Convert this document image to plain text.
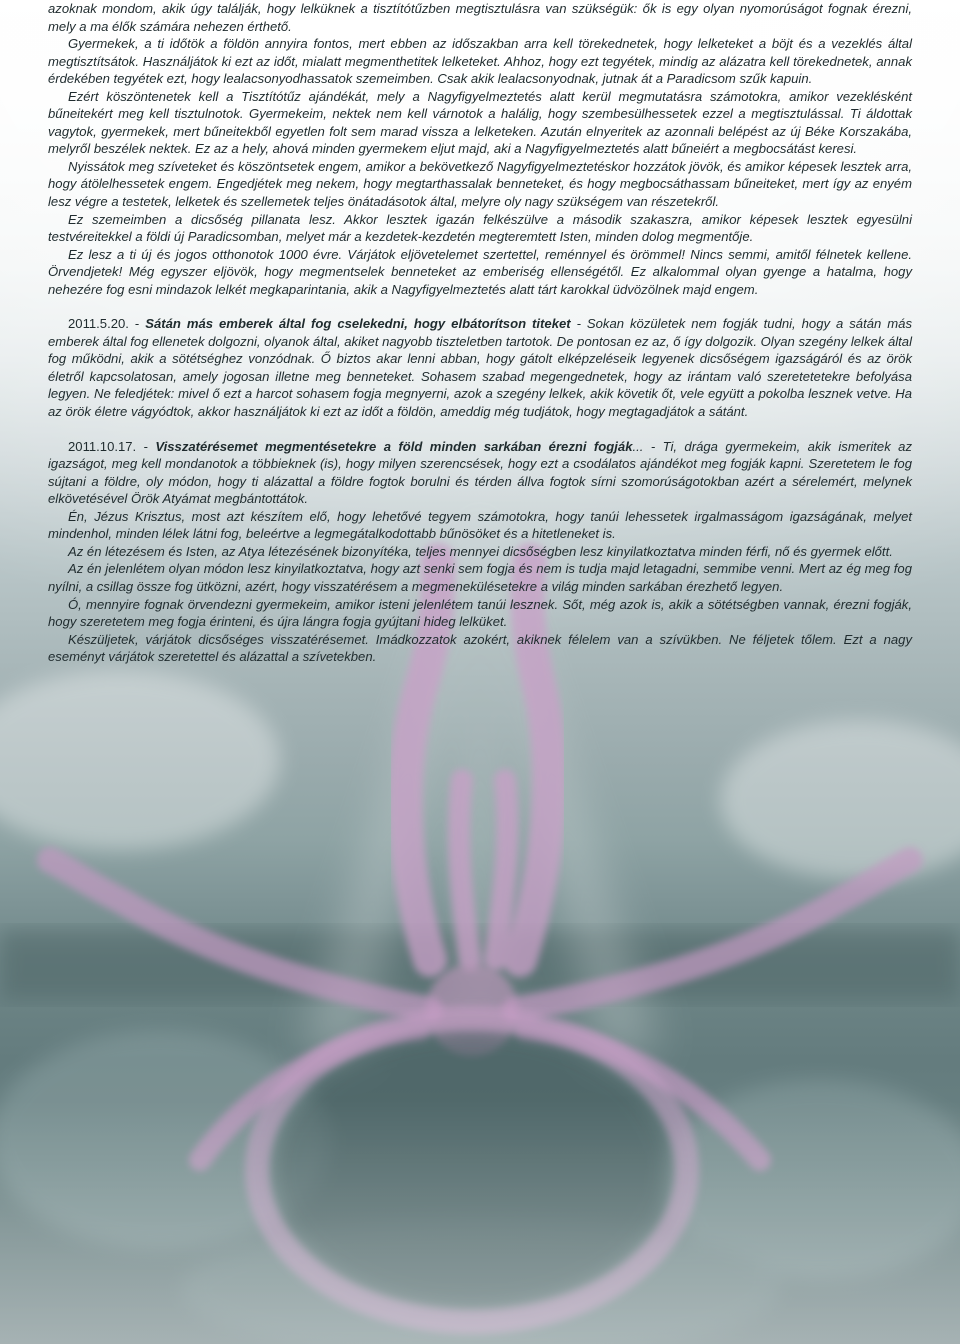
azoknak mondom, akik úgy találják, hogy lelküknek a tisztítótűzben megtisztulásra van szükségük: ők is egy olyan nyomorúságot fognak érezni, mely a ma élők számára nehezen érthető.

Gyermekek, a ti időtök a földön annyira fontos, mert ebben az időszakban arra kell törekednetek, hogy lelketeket a böjt és a vezeklés által megtisztítsátok. Használjátok ki ezt az időt, mialatt megmenthetitek lelketeket. Ahhoz, hogy ezt tegyétek, mindig az alázatra kell törekednetek, annak érdekében tegyétek ezt, hogy lealacsonyodhassatok szemeimben. Csak akik lealacsonyodnak, jutnak át a Paradicsom szűk kapuin.

Ezért köszöntenetek kell a Tisztítótűz ajándékát, mely a Nagyfigyelmeztetés alatt kerül megmutatásra számotokra, amikor vezeklésként bűneitekért meg kell tisztulnotok. Gyermekeim, nektek nem kell várnotok a halálig, hogy szembesülhessetek ezzel a megtisztulással. Ti áldottak vagytok, gyermekek, mert bűneitekből egyetlen folt sem marad vissza a lelketeken. Azután elnyeritek az azonnali belépést az új Béke Korszakába, melyről beszélek nektek. Ez az a hely, ahová minden gyermekem eljut majd, aki a Nagyfigyelmeztetés alatt bűneiért a megbocsátást keresi.

Nyissátok meg szíveteket és köszöntsetek engem, amikor a bekövetkező Nagyfigyelmeztetéskor hozzátok jövök, és amikor képesek lesztek arra, hogy átölelhessetek engem. Engedjétek meg nekem, hogy megtarthassalak benneteket, és hogy megbocsáthassam bűneiteket, mert így az enyém lesz végre a testetek, lelketek és szellemetek teljes önátadásotok által, melyre oly nagy szükségem van részetekről.

Ez szemeimben a dicsőség pillanata lesz. Akkor lesztek igazán felkészülve a második szakaszra, amikor képesek lesztek egyesülni testvéreitekkel a földi új Paradicsomban, melyet már a kezdetek-kezdetén megteremtett Isten, minden dolog megmentője.

Ez lesz a ti új és jogos otthonotok 1000 évre. Várjátok eljövetelemet szertettel, reménnyel és örömmel! Nincs semmi, amitől félnetek kellene. Örvendjetek! Még egyszer eljövök, hogy megmentselek benneteket az emberiség ellenségétől. Ez alkalommal olyan gyenge a hatalma, hogy nehezére fog esni mindazok lelkét megkaparintania, akik a Nagyfigyelmeztetés alatt tárt karokkal üdvözölnek majd engem.

2011.5.20. - Sátán más emberek által fog cselekedni, hogy elbátorítson titeket - Sokan közületek nem fogják tudni, hogy a sátán más emberek által fog ellenetek dolgozni, olyanok által, akiket nagyobb tiszteletben tartotok. De pontosan ez az, ő így dolgozik. Olyan szegény lelkek által fog működni, akik a sötétséghez vonzódnak. Ő biztos akar lenni abban, hogy gátolt elképzeléseik legyenek dicsőségem igazságáról és az örök életről kapcsolatosan, amely jogosan illetne meg benneteket. Sohasem szabad megengednetek, hogy az irántam való szeretetetekre befolyása legyen. Ne feledjétek: mivel ő ezt a harcot sohasem fogja megnyerni, azok a szegény lelkek, akik követik őt, vele együtt a pokolba lesznek vetve. Ha az örök életre vágyódtok, akkor használjátok ki ezt az időt a földön, ameddig még tudjátok, hogy megtagadjátok a sátánt.

2011.10.17. - Visszatérésemet megmentésetekre a föld minden sarkában érezni fogják... - Ti, drága gyermekeim, akik ismeritek az igazságot, meg kell mondanotok a többieknek (is), hogy milyen szerencsések, hogy ezt a csodálatos ajándékot meg fogják kapni. Szeretetem le fog sújtani a földre, oly módon, hogy ti alázattal a földre fogtok borulni és térden állva fogtok sírni szomorúságotokban azért a sérelemért, melynek elkövetésével Örök Atyámat megbántottátok.

Én, Jézus Krisztus, most azt készítem elő, hogy lehetővé tegyem számotokra, hogy tanúi lehessetek irgalmasságom igazságának, melyet mindenhol, minden lélek látni fog, beleértve a legmegátalkodottabb bűnösöket és a hitetleneket is.

Az én létezésem és Isten, az Atya létezésének bizonyítéka, teljes mennyei dicsőségben lesz kinyilatkoztatva minden férfi, nő és gyermek előtt.

Az én jelenlétem olyan módon lesz kinyilatkoztatva, hogy azt senki sem fogja és nem is tudja majd letagadni, semmibe venni. Mert az ég meg fog nyílni, a csillag össze fog ütközni, azért, hogy visszatérésem a megmenekülésetekre a világ minden sarkában érezhető legyen.

Ó, mennyire fognak örvendezni gyermekeim, amikor isteni jelenlétem tanúi lesznek. Sőt, még azok is, akik a sötétségben vannak, érezni fogják, hogy szeretetem meg fogja érinteni, és újra lángra fogja gyújtani hideg lelküket.

Készüljetek, várjátok dicsőséges visszatérésemet. Imádkozzatok azokért, akiknek félelem van a szívükben. Ne féljetek tőlem. Ezt a nagy eseményt várjátok szeretettel és alázattal a szívetekben.
